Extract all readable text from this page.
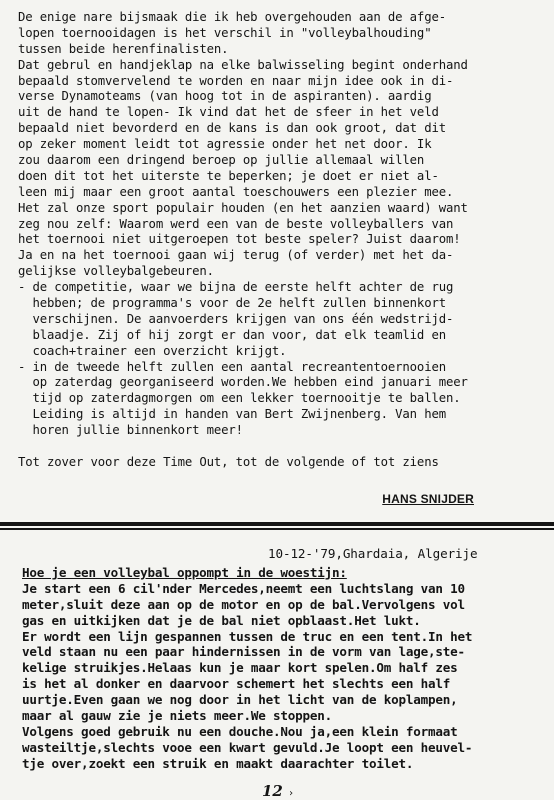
De enige nare bijsmaak die ik heb overgehouden aan de afge-
lopen toernooidagen is het verschil in "volleybalhouding"
tussen beide herenfinalisten.
Dat gebrul en handjeklap na elke balwisseling begint onderhand
bepaald stomvervelend te worden en naar mijn idee ook in di-
verse Dynamoteams (van hoog tot in de aspiranten). aardig
uit de hand te lopen- Ik vind dat het de sfeer in het veld
bepaald niet bevorderd en de kans is dan ook groot, dat dit
op zeker moment leidt tot agressie onder het net door. Ik
zou daarom een dringend beroep op jullie allemaal willen
doen dit tot het uiterste te beperken; je doet er niet al-
leen mij maar een groot aantal toeschouwers een plezier mee.
Het zal onze sport populair houden (en het aanzien waard) want
zeg nou zelf: Waarom werd een van de beste volleyballers van
het toernooi niet uitgeroepen tot beste speler? Juist daarom!
Ja en na het toernooi gaan wij terug (of verder) met het da-
gelijkse volleybalgebeuren.
- de competitie, waar we bijna de eerste helft achter de rug
hebben; de programma's voor de 2e helft zullen binnenkort
verschijnen. De aanvoerders krijgen van ons één wedstrijd-
blaadje. Zij of hij zorgt er dan voor, dat elk teamlid en
coach+trainer een overzicht krijgt.
- in de tweede helft zullen een aantal recreantentoernooien
op zaterdag georganiseerd worden.We hebben eind januari meer
tijd op zaterdagmorgen om een lekker toernooitje te ballen.
Leiding is altijd in handen van Bert Zwijnenberg. Van hem
horen jullie binnenkort meer!
Tot zover voor deze Time Out, tot de volgende of tot ziens
HANS SNIJDER
10-12-'79,Ghardaia, Algerije
Hoe je een volleybal oppompt in de woestijn:
Je start een 6 cil'nder Mercedes,neemt een luchtslang van 10
meter,sluit deze aan op de motor en op de bal.Vervolgens vol
gas en uitkijken dat je de bal niet opblaast.Het lukt.
Er wordt een lijn gespannen tussen de truc en een tent.In het
veld staan nu een paar hindernissen in de vorm van lage,ste-
kelige struikjes.Helaas kun je maar kort spelen.Om half zes
is het al donker en daarvoor schemert het slechts een half
uurtje.Even gaan we nog door in het licht van de koplampen,
maar al gauw zie je niets meer.We stoppen.
Volgens goed gebruik nu een douche.Nou ja,een klein formaat
wasteiltje,slechts vooe een kwart gevuld.Je loopt een heuvel-
tje over,zoekt een struik en maakt daarachter toilet.
12 ›
